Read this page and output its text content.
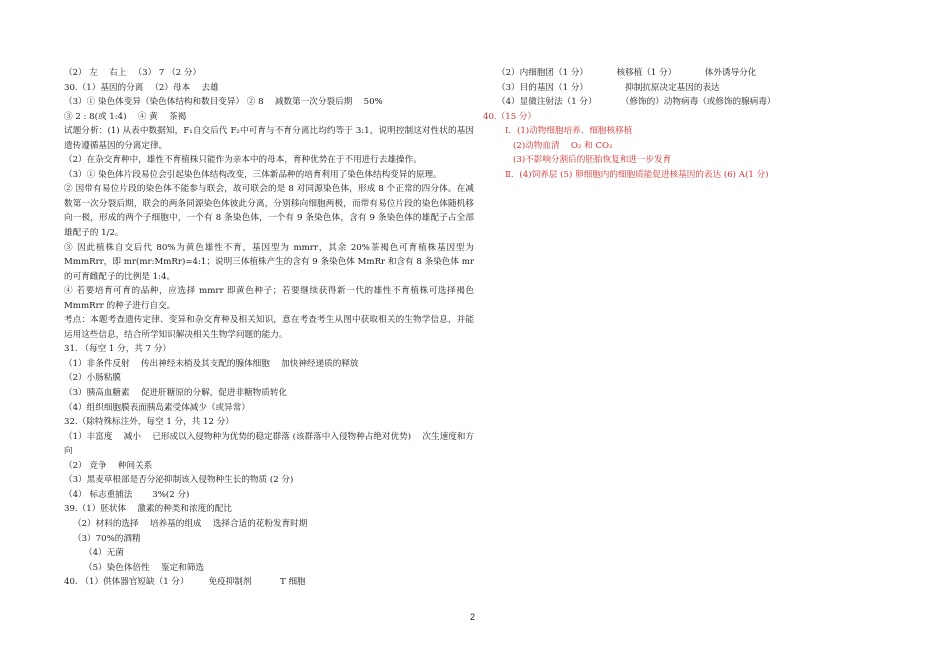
（2） 左 　右上 　（3） 7 （2 分）
30.（1）基因的分离 　（2）母本 　去雄
（3）① 染色体变异（染色体结构和数目变异） ② 8 　减数第一次分裂后期 　50%
③ 2 : 8(或 1:4) 　④ 黄 　茶褐
试题分析：(1) 从表中数据知，F₁自交后代 F₂中可育与不育分离比均约等于 3:1，说明控制这对性状的基因遗传遵循基因的分离定律。
（2）在杂交育种中，雄性不育植株只能作为亲本中的母本，育种优势在于不用进行去雄操作。
（3）① 染色体片段易位会引起染色体结构改变，三体新品种的培育利用了染色体结构变异的原理。
② 因带有易位片段的染色体不能参与联会，故可联会的是 8 对同源染色体，形成 8 个正常的四分体。在减数第一次分裂后期，联会的两条同源染色体彼此分离，分别移向细胞两极，而带有易位片段的染色体随机移向一极，形成的两个子细胞中，一个有 8 条染色体，一个有 9 条染色体，含有 9 条染色体的雄配子占全部雄配子的 1/2。
③ 因此植株自交后代 80%为黄色雄性不育，基因型为 mmrr，其余 20%茶褐色可育植株基因型为 MmmRrr，即 mr(mr:MmRr)=4:1；说明三体植株产生的含有 9 条染色体 MmRr 和含有 8 条染色体 mr 的可育雌配子的比例是 1:4。
④ 若要培育可育的品种，应选择 mmrr 即黄色种子；若要继续获得新一代的雄性不育植株可选择褐色 MmmRrr 的种子进行自交。
考点：本题考查遗传定律、变异和杂交育种及相关知识，意在考查考生从图中获取相关的生物学信息，并能运用这些信息，结合所学知识解决相关生物学问题的能力。
31. （每空 1 分，共 7 分）
（1）非条件反射 　传出神经末梢及其支配的腺体细胞 　加快神经递质的释放
（2）小肠粘膜
（3）胰高血糖素 　促进肝糖原的分解，促进非糖物质转化
（4）组织细胞膜表面胰岛素受体减少（或异常）
32.（除特殊标注外，每空 1 分，共 12 分）
（1）丰富度 　减小 　已形成以入侵物种为优势的稳定群落 (该群落中入侵物种占绝对优势) 　次生速度和方向
（2） 竞争 　种间关系
（3）黑麦草根部是否分泌抑制该入侵物种生长的物质 (2 分)
（4） 标志重捕法 　　3%(2 分)
39.（1）胚状体 　激素的种类和浓度的配比
（2）材料的选择 　培养基的组成 　选择合适的花粉发育时期
（3）70%的酒精
（4）无菌
（5）染色体倍性 　鉴定和筛选
40. （1）供体器官短缺（1 分） 　　免疫抑制剂 　　　T 细胞
（2）内细胞团（1 分） 　　　核移植（1 分） 　　　体外诱导分化
（3）目的基因（1 分） 　　　　抑制抗原决定基因的表达
（4）显微注射法（1 分） 　　　（修饰的）动物病毒（或修饰的腺病毒）
40.（15 分）
Ⅰ．(1)动物细胞培养、细胞核移植
(2)动物血清 　O₂ 和 CO₂
(3)不影响分割后的胚胎恢复和进一步发育
Ⅱ．(4)饲养层 (5) 卵细胞内的细胞质能促进核基因的表达 (6) A(1 分)
2
